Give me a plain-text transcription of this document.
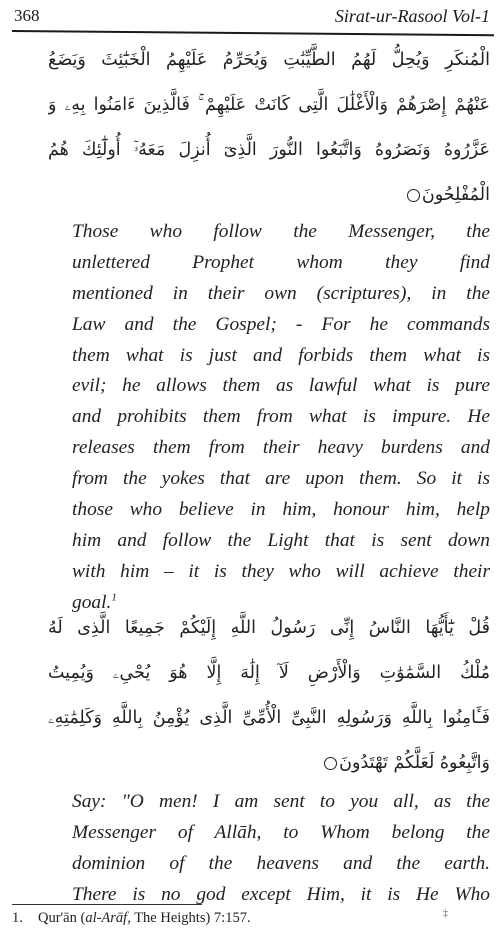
368	Sirat-ur-Rasool Vol-1
الْمُنكَرِ وَيُحِلُّ لَهُمُ الطَّيِّبَٰتِ وَيُحَرِّمُ عَلَيْهِمُ الْخَبَٰٓئِثَ وَيَضَعُ
عَنْهُمْ إِصْرَهُمْ وَالْأَغْلَٰلَ الَّتِى كَانَتْ عَلَيْهِمْ ۚ فَالَّذِينَ ءَامَنُوا بِهِۦ وَ
عَزَّرُوهُ وَنَصَرُوهُ وَاتَّبَعُوا النُّورَ الَّذِىٓ أُنزِلَ مَعَهُۥٓ أُولَٰٓئِكَ هُمُ
الْمُفْلِحُونَ
Those who follow the Messenger, the
unlettered Prophet whom they find
mentioned in their own (scriptures), in the
Law and the Gospel; - For he commands
them what is just and forbids them what is
evil; he allows them as lawful what is pure
and prohibits them from what is impure. He
releases them from their heavy burdens and
from the yokes that are upon them. So it is
those who believe in him, honour him, help
him and follow the Light that is sent down
with him – it is they who will achieve their
goal.$^1$
قُلْ يَٰٓأَيُّهَا النَّاسُ إِنِّى رَسُولُ اللَّهِ إِلَيْكُمْ جَمِيعًا الَّذِى لَهُ
مُلْكُ السَّمَٰوَٰتِ وَالْأَرْضِ لَآ إِلَٰهَ إِلَّا هُوَ يُحْىِۦ وَيُمِيتُ
فَـَٔامِنُوا بِاللَّهِ وَرَسُولِهِ النَّبِىِّ الْأُمِّىِّ الَّذِى يُؤْمِنُ بِاللَّهِ وَكَلِمَٰتِهِۦ
وَاتَّبِعُوهُ لَعَلَّكُمْ تَهْتَدُونَ
Say: "O men! I am sent to you all, as the
Messenger of Allāh, to Whom belong the
dominion of the heavens and the earth.
There is no god except Him, it is He Who
1. Qur'ān (al-Arāf, The Heights) 7:157.	‡
